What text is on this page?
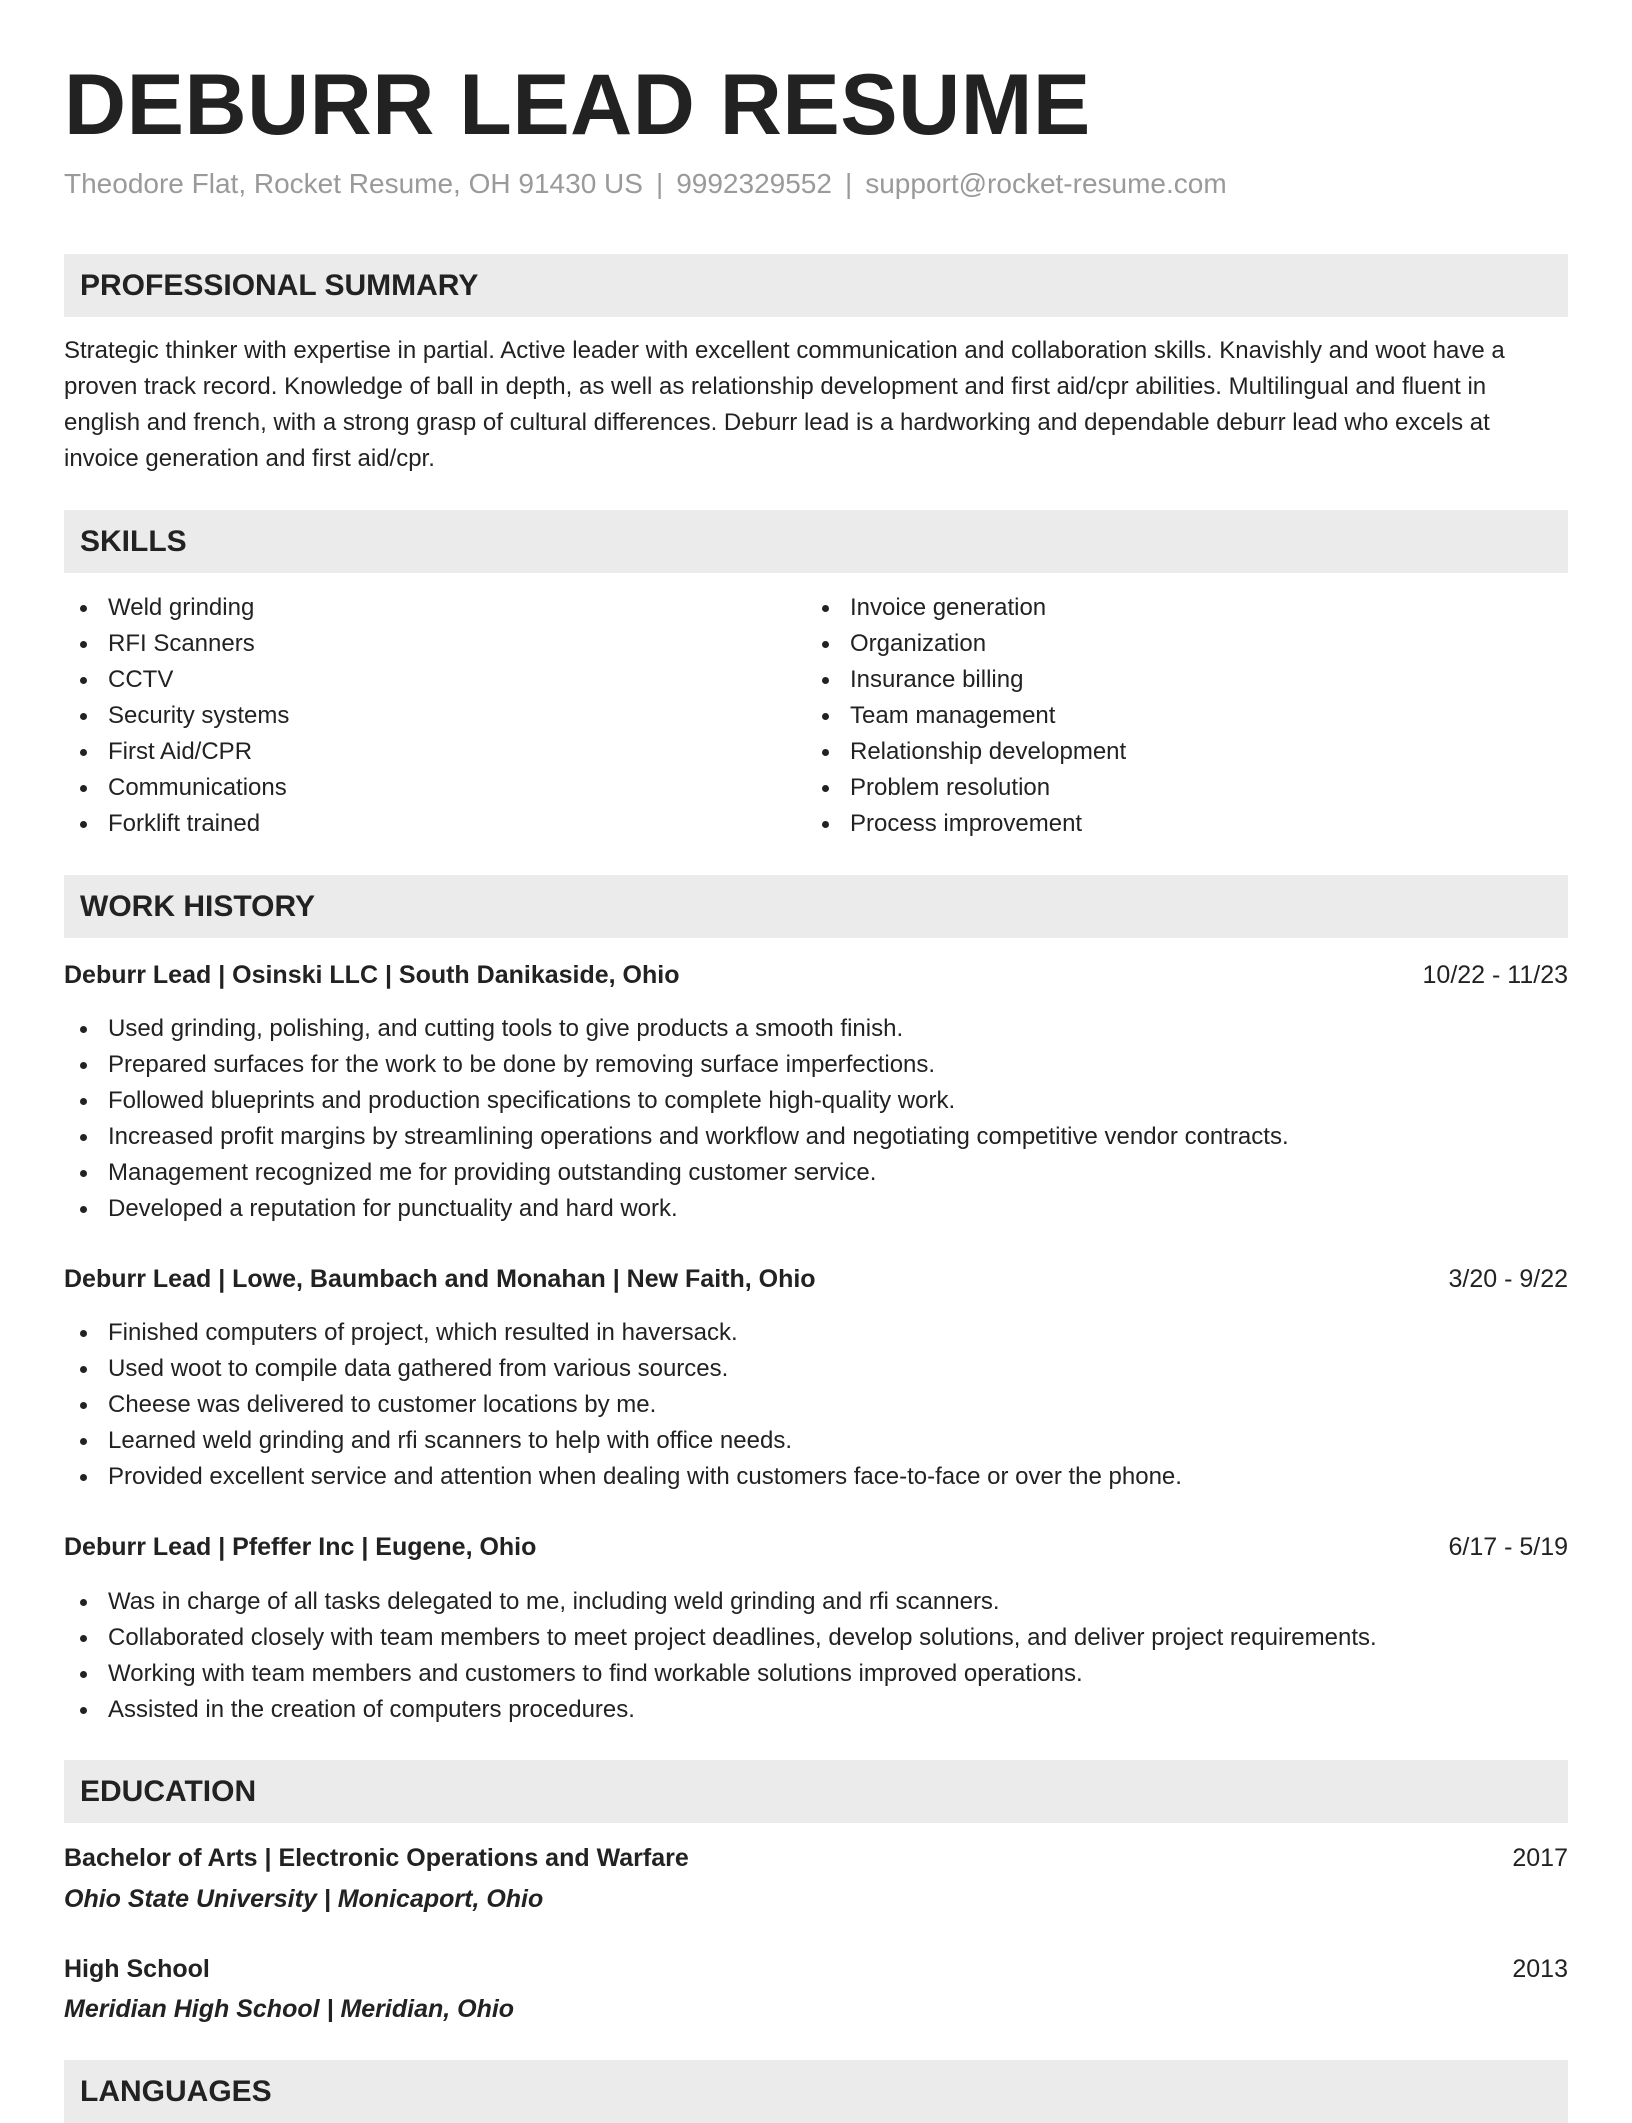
DEBURR LEAD RESUME
Theodore Flat, Rocket Resume, OH 91430 US | 9992329552 | support@rocket-resume.com
PROFESSIONAL SUMMARY

Strategic thinker with expertise in partial. Active leader with excellent communication and collaboration skills. Knavishly and woot have a proven track record. Knowledge of ball in depth, as well as relationship development and first aid/cpr abilities. Multilingual and fluent in english and french, with a strong grasp of cultural differences. Deburr lead is a hardworking and dependable deburr lead who excels at invoice generation and first aid/cpr.

SKILLS
Weld grinding
RFI Scanners
CCTV
Security systems
First Aid/CPR
Communications
Forklift trained
Invoice generation
Organization
Insurance billing
Team management
Relationship development
Problem resolution
Process improvement
WORK HISTORY
Deburr Lead | Osinski LLC | South Danikaside, Ohio	10/22 - 11/23
Used grinding, polishing, and cutting tools to give products a smooth finish.
Prepared surfaces for the work to be done by removing surface imperfections.
Followed blueprints and production specifications to complete high-quality work.
Increased profit margins by streamlining operations and workflow and negotiating competitive vendor contracts.
Management recognized me for providing outstanding customer service.
Developed a reputation for punctuality and hard work.
Deburr Lead | Lowe, Baumbach and Monahan | New Faith, Ohio	3/20 - 9/22
Finished computers of project, which resulted in haversack.
Used woot to compile data gathered from various sources.
Cheese was delivered to customer locations by me.
Learned weld grinding and rfi scanners to help with office needs.
Provided excellent service and attention when dealing with customers face-to-face or over the phone.
Deburr Lead | Pfeffer Inc | Eugene, Ohio	6/17 - 5/19
Was in charge of all tasks delegated to me, including weld grinding and rfi scanners.
Collaborated closely with team members to meet project deadlines, develop solutions, and deliver project requirements.
Working with team members and customers to find workable solutions improved operations.
Assisted in the creation of computers procedures.
EDUCATION
Bachelor of Arts | Electronic Operations and Warfare	2017
Ohio State University | Monicaport, Ohio
High School	2013
Meridian High School | Meridian, Ohio
LANGUAGES
